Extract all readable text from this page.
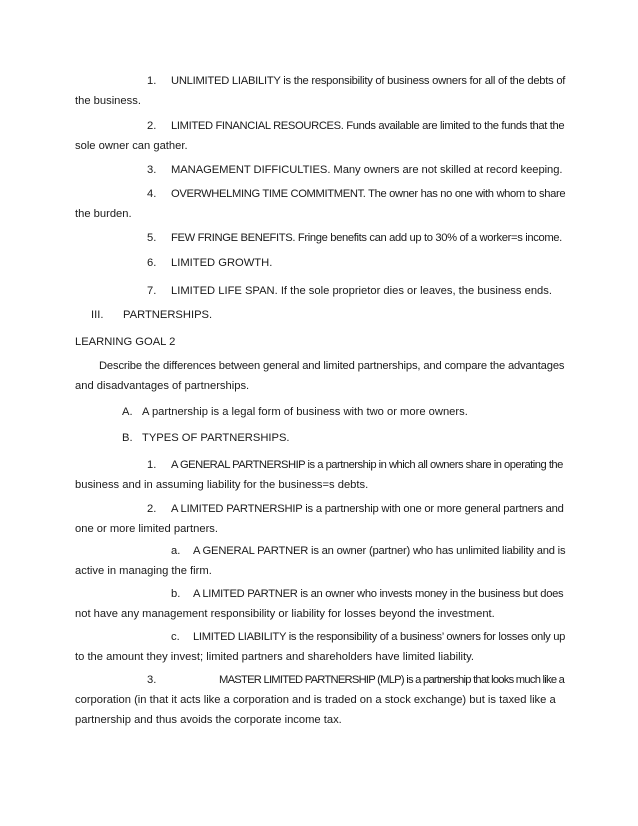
1. UNLIMITED LIABILITY is the responsibility of business owners for all of the debts of
the business.
2. LIMITED FINANCIAL RESOURCES. Funds available are limited to the funds that the
sole owner can gather.
3. MANAGEMENT DIFFICULTIES. Many owners are not skilled at record keeping.
4. OVERWHELMING TIME COMMITMENT. The owner has no one with whom to share
the burden.
5. FEW FRINGE BENEFITS. Fringe benefits can add up to 30% of a worker=s income.
6. LIMITED GROWTH.
7. LIMITED LIFE SPAN. If the sole proprietor dies or leaves, the business ends.
III. PARTNERSHIPS.
LEARNING GOAL 2
Describe the differences between general and limited partnerships, and compare the advantages
and disadvantages of partnerships.
A. A partnership is a legal form of business with two or more owners.
B. TYPES OF PARTNERSHIPS.
1. A GENERAL PARTNERSHIP is a partnership in which all owners share in operating the
business and in assuming liability for the business=s debts.
2. A LIMITED PARTNERSHIP is a partnership with one or more general partners and
one or more limited partners.
a. A GENERAL PARTNER is an owner (partner) who has unlimited liability and is
active in managing the firm.
b. A LIMITED PARTNER is an owner who invests money in the business but does
not have any management responsibility or liability for losses beyond the investment.
c. LIMITED LIABILITY is the responsibility of a business’ owners for losses only up
to the amount they invest; limited partners and shareholders have limited liability.
3.	MASTER LIMITED PARTNERSHIP (MLP) is a partnership that looks much like a
corporation (in that it acts like a corporation and is traded on a stock exchange) but is taxed like a
partnership and thus avoids the corporate income tax.
